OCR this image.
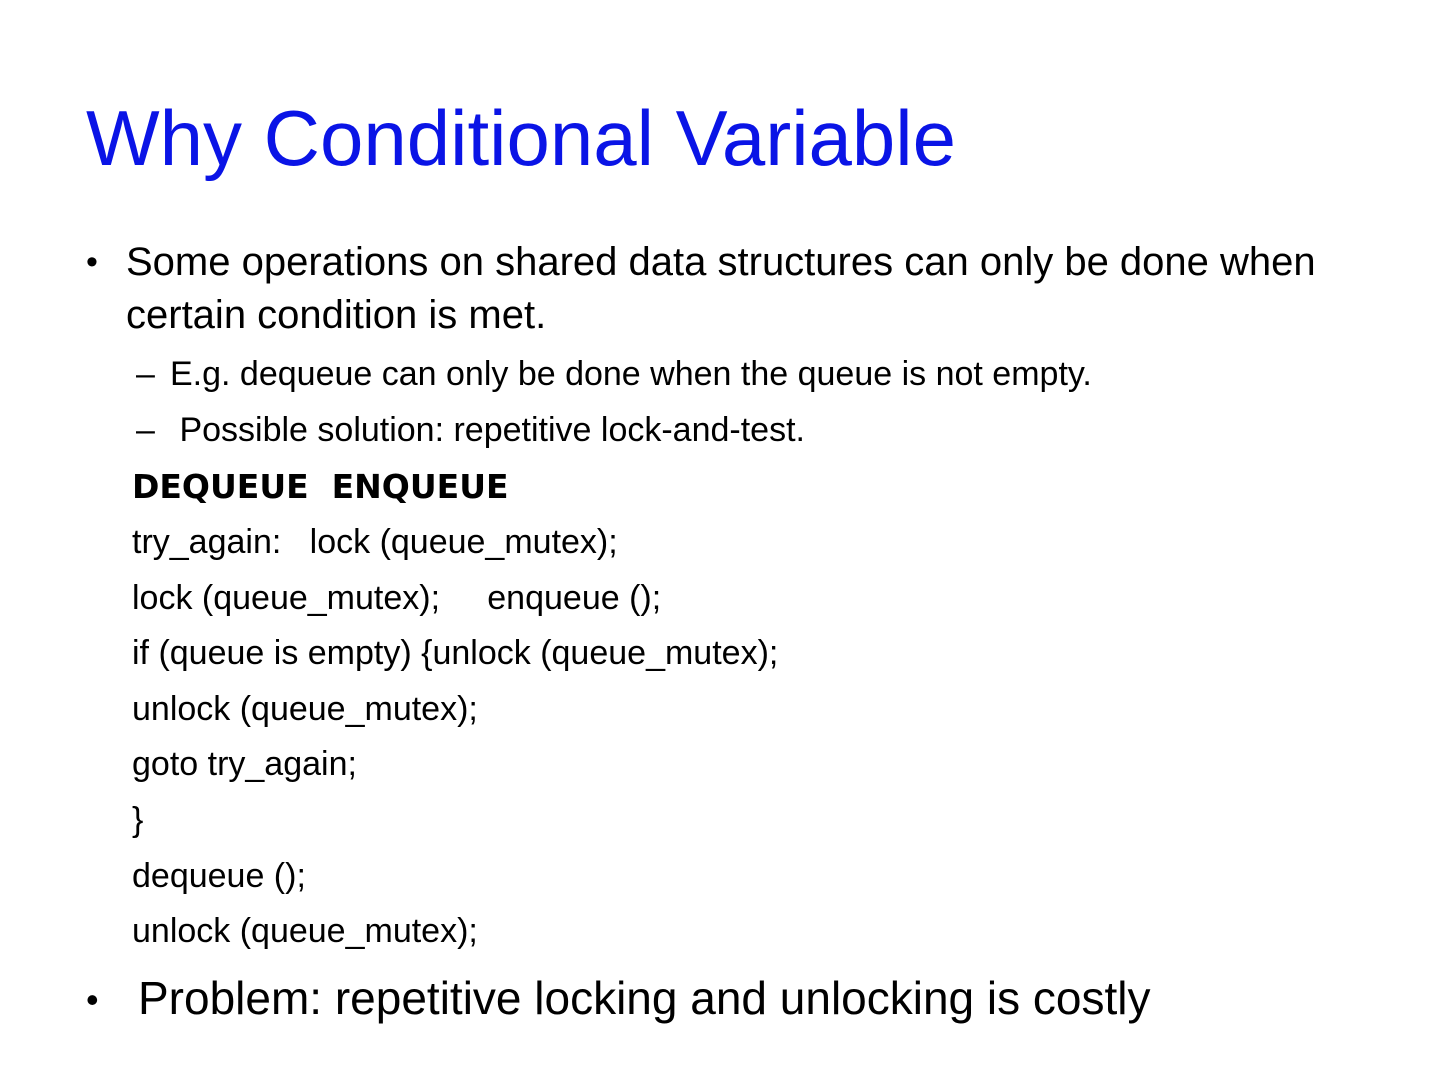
Why Conditional Variable
• Some operations on shared data structures can only be done when certain condition is met.
– E.g. dequeue can only be done when the queue is not empty.
– Possible solution: repetitive lock-and-test.
DEQUEUE  ENQUEUE
try_again:   lock (queue_mutex);
lock (queue_mutex);     enqueue ();
if (queue is empty) {unlock (queue_mutex);
unlock (queue_mutex);
goto try_again;
}
dequeue ();
unlock (queue_mutex);
• Problem: repetitive locking and unlocking is costly
